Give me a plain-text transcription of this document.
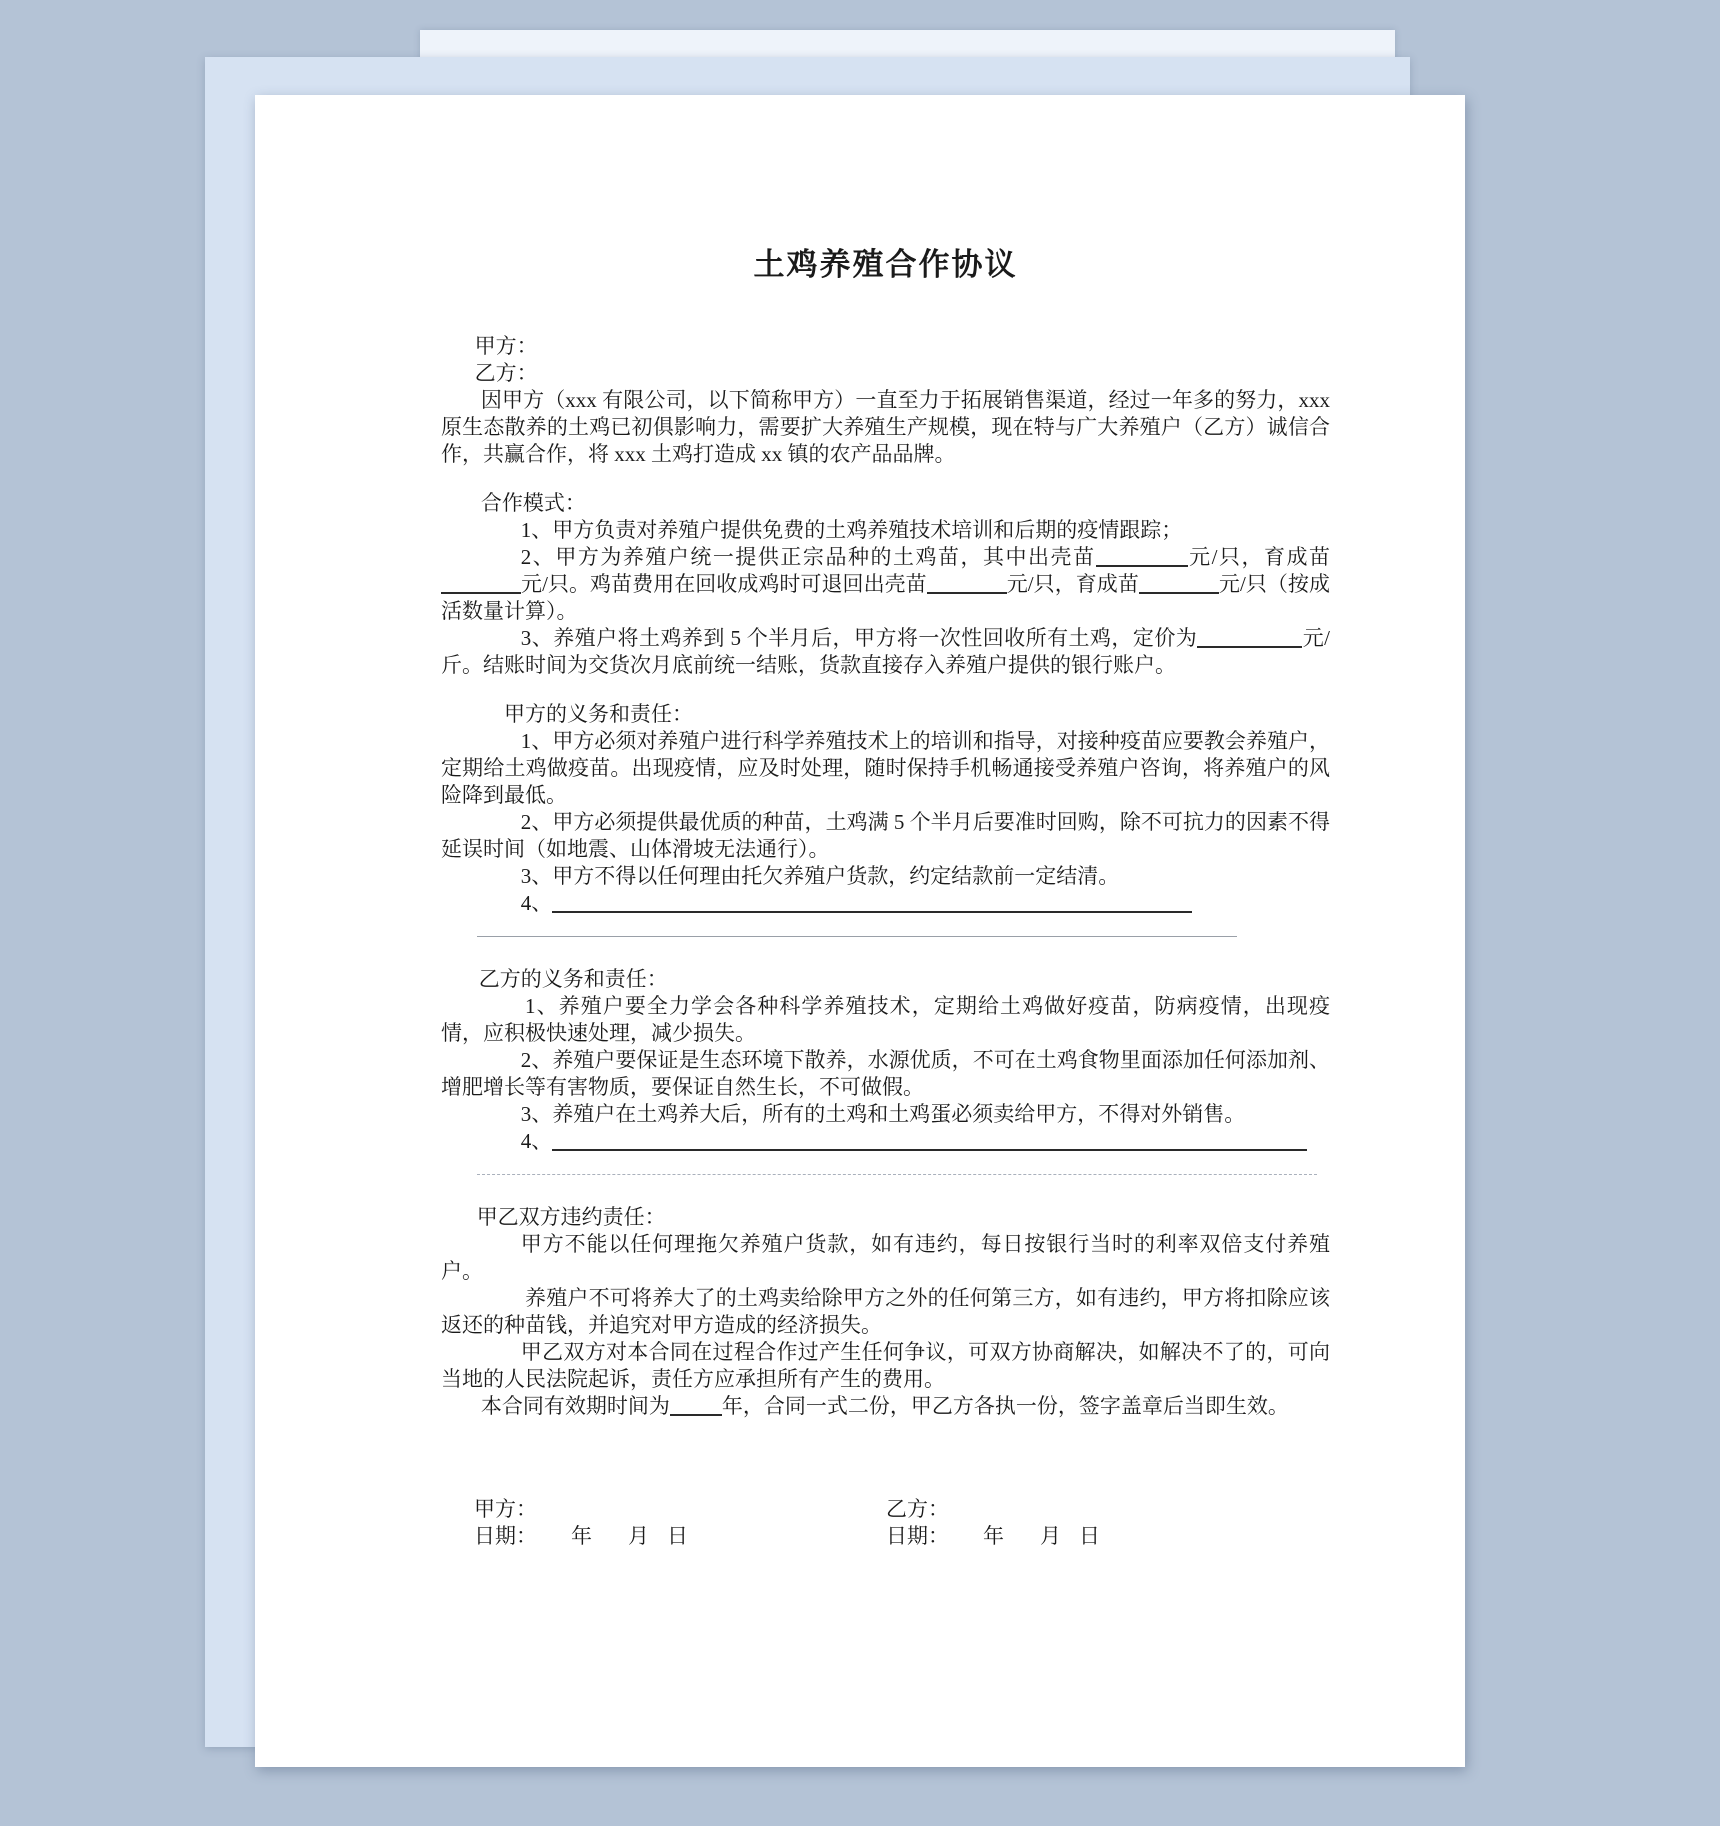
土鸡养殖合作协议

甲方：

乙方：

因甲方（xxx 有限公司，以下简称甲方）一直至力于拓展销售渠道，经过一年多的努力，xxx 原生态散养的土鸡已初俱影响力，需要扩大养殖生产规模，现在特与广大养殖户（乙方）诚信合作，共赢合作，将 xxx 土鸡打造成 xx 镇的农产品品牌。

合作模式：

1、甲方负责对养殖户提供免费的土鸡养殖技术培训和后期的疫情跟踪；

2、甲方为养殖户统一提供正宗品种的土鸡苗，其中出壳苗	元/只，育成苗元/只。鸡苗费用在回收成鸡时可退回出壳苗	元/只，育成苗	元/只（按成活数量计算）。

3、养殖户将土鸡养到 5 个半月后，甲方将一次性回收所有土鸡，定价为	元/斤。结账时间为交货次月底前统一结账，货款直接存入养殖户提供的银行账户。

甲方的义务和责任：

1、甲方必须对养殖户进行科学养殖技术上的培训和指导，对接种疫苗应要教会养殖户，定期给土鸡做疫苗。出现疫情，应及时处理，随时保持手机畅通接受养殖户咨询，将养殖户的风险降到最低。

2、甲方必须提供最优质的种苗，土鸡满 5 个半月后要准时回购，除不可抗力的因素不得延误时间（如地震、山体滑坡无法通行）。

3、甲方不得以任何理由托欠养殖户货款，约定结款前一定结清。

4、

乙方的义务和责任：

1、养殖户要全力学会各种科学养殖技术，定期给土鸡做好疫苗，防病疫情，出现疫情，应积极快速处理，减少损失。

2、养殖户要保证是生态环境下散养，水源优质，不可在土鸡食物里面添加任何添加剂、增肥增长等有害物质，要保证自然生长，不可做假。

3、养殖户在土鸡养大后，所有的土鸡和土鸡蛋必须卖给甲方，不得对外销售。

4、

甲乙双方违约责任：

甲方不能以任何理拖欠养殖户货款，如有违约，每日按银行当时的利率双倍支付养殖户。

养殖户不可将养大了的土鸡卖给除甲方之外的任何第三方，如有违约，甲方将扣除应该返还的种苗钱，并追究对甲方造成的经济损失。

甲乙双方对本合同在过程合作过产生任何争议，可双方协商解决，如解决不了的，可向当地的人民法院起诉，责任方应承担所有产生的费用。

本合同有效期时间为 年，合同一式二份，甲乙方各执一份，签字盖章后当即生效。

甲方：
日期： 年 月 日
乙方：
日期： 年 月 日
